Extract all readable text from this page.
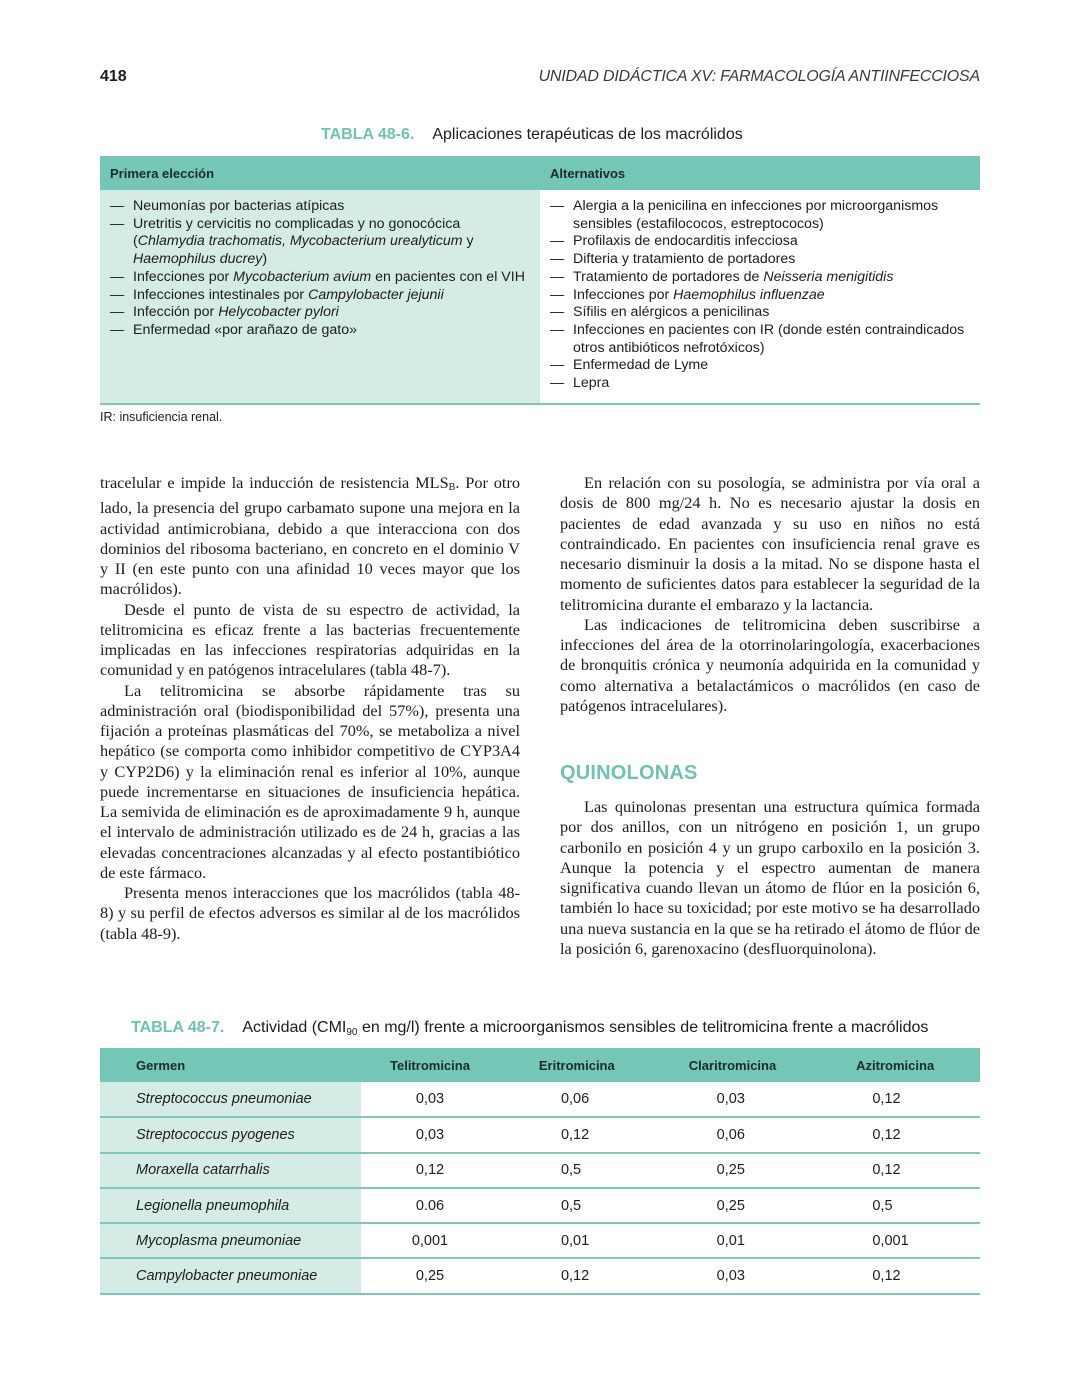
418	UNIDAD DIDÁCTICA XV: FARMACOLOGÍA ANTIINFECCIOSA
TABLA 48-6. Aplicaciones terapéuticas de los macrólidos
Primera elección	Alternativos
— Neumonías por bacterias atípicas
— Uretritis y cervicitis no complicadas y no gonocócica (Chlamydia trachomatis, Mycobacterium urealyticum y Haemophilus ducrey)
— Infecciones por Mycobacterium avium en pacientes con el VIH
— Infecciones intestinales por Campylobacter jejunii
— Infección por Helycobacter pylori
— Enfermedad «por arañazo de gato»
— Alergia a la penicilina en infecciones por microorganismos sensibles (estafilococos, estreptococos)
— Profilaxis de endocarditis infecciosa
— Difteria y tratamiento de portadores
— Tratamiento de portadores de Neisseria menigitidis
— Infecciones por Haemophilus influenzae
— Sífilis en alérgicos a penicilinas
— Infecciones en pacientes con IR (donde estén contraindicados otros antibióticos nefrotóxicos)
— Enfermedad de Lyme
— Lepra
IR: insuficiencia renal.

tracelular e impide la inducción de resistencia $MLS_B$. Por otro lado, la presencia del grupo carbamato supone una mejora en la actividad antimicrobiana, debido a que interacciona con dos dominios del ribosoma bacteriano, en concreto en el dominio V y II (en este punto con una afinidad 10 veces mayor que los macrólidos).

Desde el punto de vista de su espectro de actividad, la telitromicina es eficaz frente a las bacterias frecuentemente implicadas en las infecciones respiratorias adquiridas en la comunidad y en patógenos intracelulares (tabla 48-7).

La telitromicina se absorbe rápidamente tras su administración oral (biodisponibilidad del 57%), presenta una fijación a proteínas plasmáticas del 70%, se metaboliza a nivel hepático (se comporta como inhibidor competitivo de CYP3A4 y CYP2D6) y la eliminación renal es inferior al 10%, aunque puede incrementarse en situaciones de insuficiencia hepática. La semivida de eliminación es de aproximadamente 9 h, aunque el intervalo de administración utilizado es de 24 h, gracias a las elevadas concentraciones alcanzadas y al efecto postantibiótico de este fármaco.

Presenta menos interacciones que los macrólidos (tabla 48-8) y su perfil de efectos adversos es similar al de los macrólidos (tabla 48-9).

En relación con su posología, se administra por vía oral a dosis de 800 mg/24 h. No es necesario ajustar la dosis en pacientes de edad avanzada y su uso en niños no está contraindicado. En pacientes con insuficiencia renal grave es necesario disminuir la dosis a la mitad. No se dispone hasta el momento de suficientes datos para establecer la seguridad de la telitromicina durante el embarazo y la lactancia.

Las indicaciones de telitromicina deben suscribirse a infecciones del área de la otorrinolaringología, exacerbaciones de bronquitis crónica y neumonía adquirida en la comunidad y como alternativa a betalactámicos o macrólidos (en caso de patógenos intracelulares).

QUINOLONAS

Las quinolonas presentan una estructura química formada por dos anillos, con un nitrógeno en posición 1, un grupo carbonilo en posición 4 y un grupo carboxilo en la posición 3. Aunque la potencia y el espectro aumentan de manera significativa cuando llevan un átomo de flúor en la posición 6, también lo hace su toxicidad; por este motivo se ha desarrollado una nueva sustancia en la que se ha retirado el átomo de flúor de la posición 6, garenoxacino (desfluorquinolona).

TABLA 48-7. Actividad ($CMI_{90}$ en mg/l) frente a microorganismos sensibles de telitromicina frente a macrólidos
Germen	Telitromicina	Eritromicina	Claritromicina	Azitromicina
Streptococcus pneumoniae	0,03	0,06	0,03	0,12
Streptococcus pyogenes	0,03	0,12	0,06	0,12
Moraxella catarrhalis	0,12	0,5	0,25	0,12
Legionella pneumophila	0.06	0,5	0,25	0,5
Mycoplasma pneumoniae	0,001	0,01	0,01	0,001
Campylobacter pneumoniae	0,25	0,12	0,03	0,12
